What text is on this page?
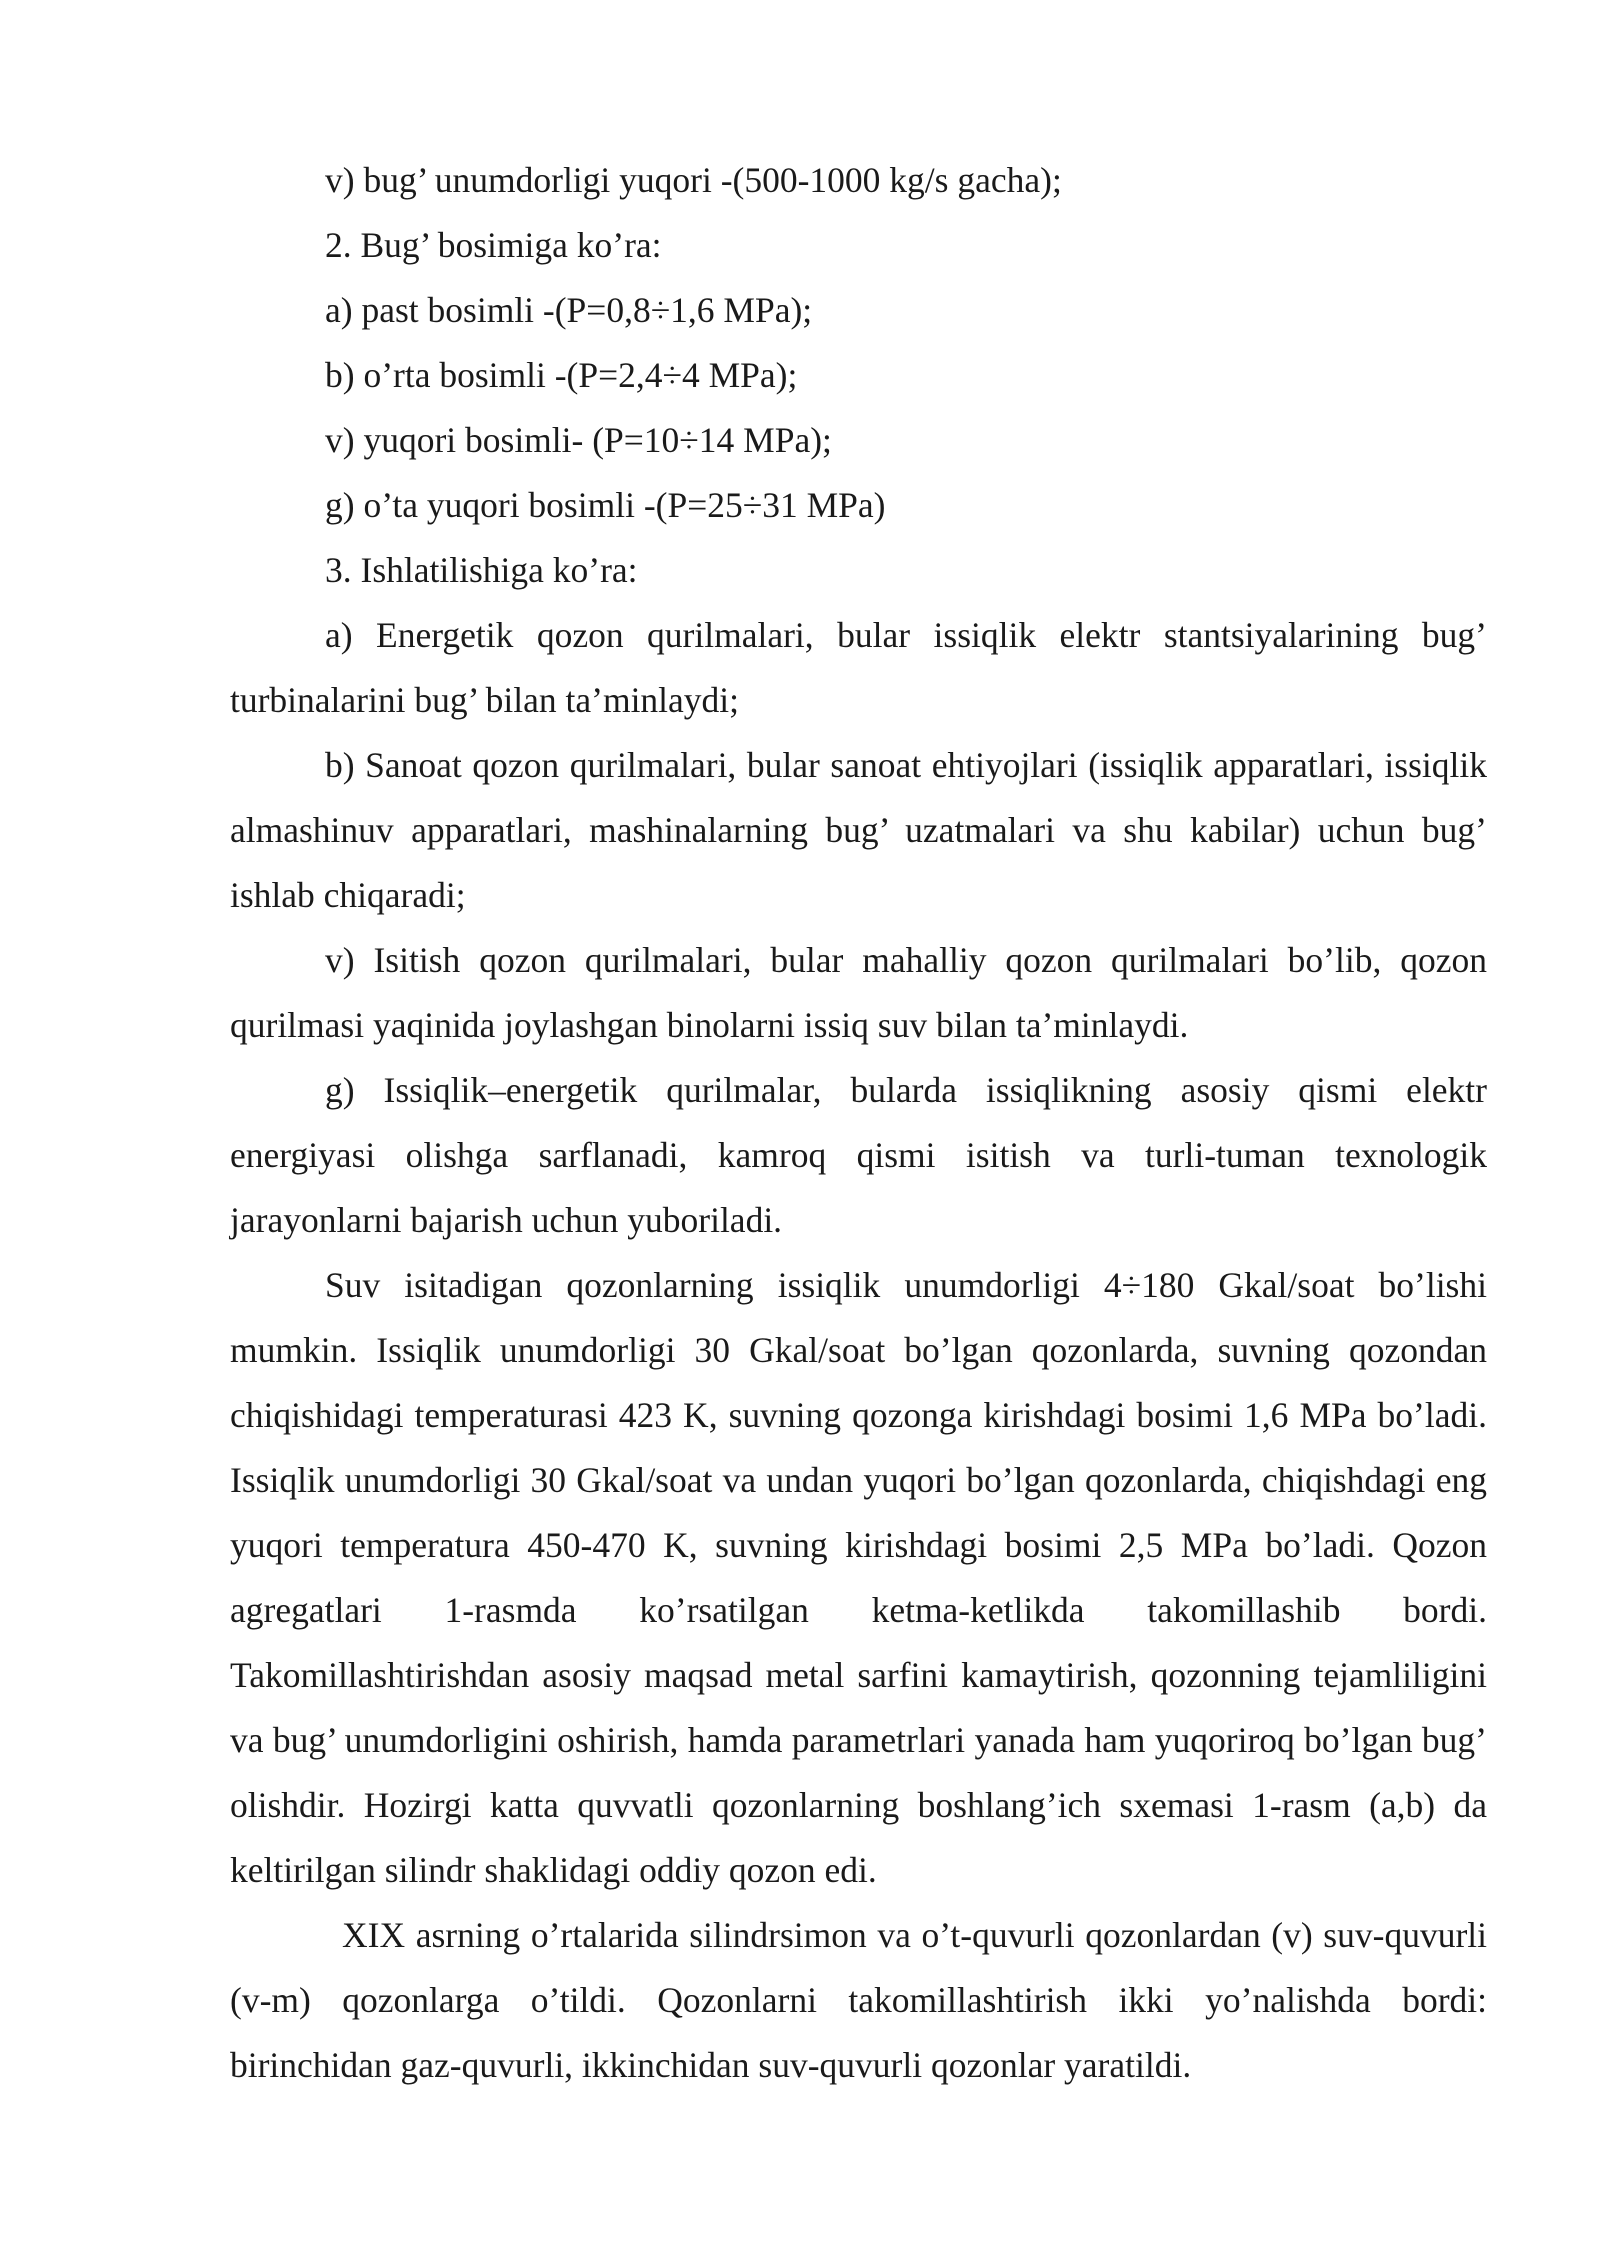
v) bug’ unumdorligi yuqori -(500-1000 kg/s gacha);

2. Bug’ bosimiga ko’ra:

a) past bosimli -(P=0,8÷1,6 MPa);

b) o’rta bosimli -(P=2,4÷4 MPa);

v) yuqori bosimli- (P=10÷14 MPa);

g) o’ta yuqori bosimli -(P=25÷31 MPa)

3. Ishlatilishiga ko’ra:

a) Energetik qozon qurilmalari, bular issiqlik elektr stantsiyalarining bug’ turbinalarini bug’ bilan ta’minlaydi;

b) Sanoat qozon qurilmalari, bular sanoat ehtiyojlari (issiqlik apparatlari, issiqlik almashinuv apparatlari, mashinalarning bug’ uzatmalari va shu kabilar) uchun bug’ ishlab chiqaradi;

v) Isitish qozon qurilmalari, bular mahalliy qozon qurilmalari bo’lib, qozon qurilmasi yaqinida joylashgan binolarni issiq suv bilan ta’minlaydi.

g) Issiqlik–energetik qurilmalar, bularda issiqlikning asosiy qismi elektr energiyasi olishga sarflanadi, kamroq qismi isitish va turli-tuman texnologik jarayonlarni bajarish uchun yuboriladi.

Suv isitadigan qozonlarning issiqlik unumdorligi 4÷180 Gkal/soat bo’lishi mumkin. Issiqlik unumdorligi 30 Gkal/soat bo’lgan qozonlarda, suvning qozondan chiqishidagi temperaturasi 423 K, suvning qozonga kirishdagi bosimi 1,6 MPa bo’ladi. Issiqlik unumdorligi 30 Gkal/soat va undan yuqori bo’lgan qozonlarda, chiqishdagi eng yuqori temperatura 450-470 K, suvning kirishdagi bosimi 2,5 MPa bo’ladi. Qozon agregatlari 1-rasmda ko’rsatilgan ketma-ketlikda takomillashib bordi. Takomillashtirishdan asosiy maqsad metal sarfini kamaytirish, qozonning tejamliligini va bug’ unumdorligini oshirish, hamda parametrlari yanada ham yuqoriroq bo’lgan bug’ olishdir. Hozirgi katta quvvatli qozonlarning boshlang’ich sxemasi 1-rasm (a,b) da keltirilgan silindr shaklidagi oddiy qozon edi.

XIX asrning o’rtalarida silindrsimon va o’t-quvurli qozonlardan (v) suv-quvurli (v-m) qozonlarga o’tildi. Qozonlarni takomillashtirish ikki yo’nalishda bordi: birinchidan gaz-quvurli, ikkinchidan suv-quvurli qozonlar yaratildi.
